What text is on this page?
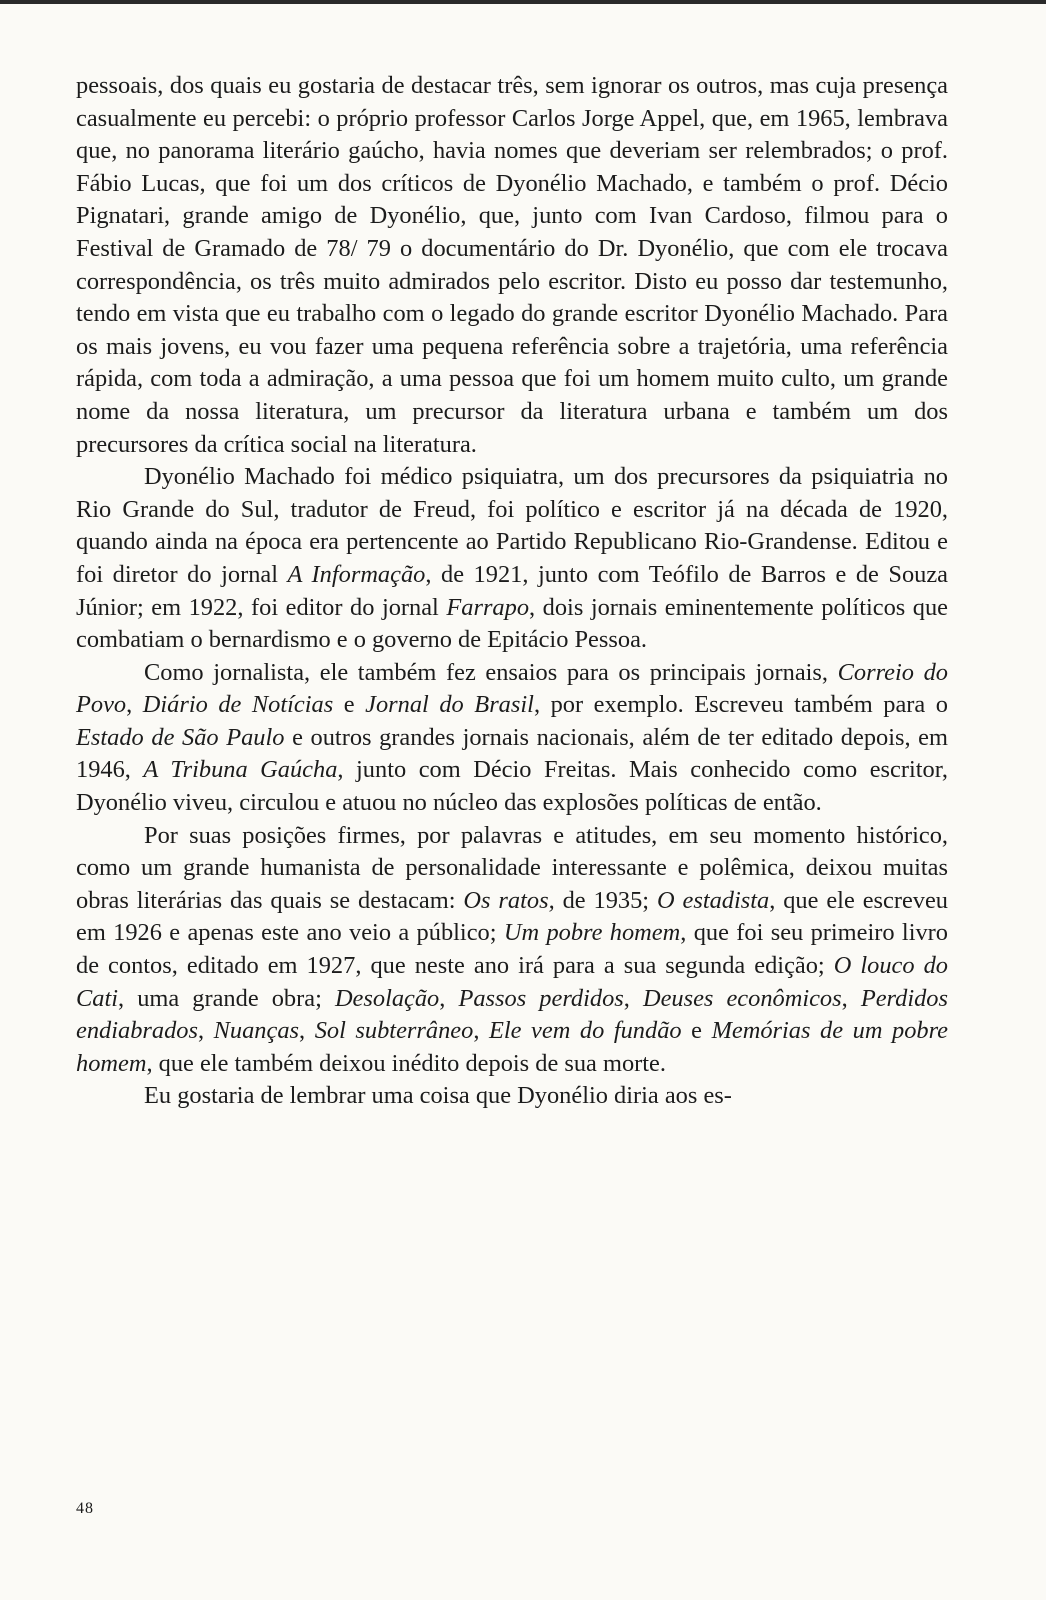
pessoais, dos quais eu gostaria de destacar três, sem ignorar os outros, mas cuja presença casualmente eu percebi: o próprio professor Carlos Jorge Appel, que, em 1965, lembrava que, no panorama literário gaúcho, havia nomes que deveriam ser relembrados; o prof. Fábio Lucas, que foi um dos críticos de Dyonélio Machado, e também o prof. Décio Pignatari, grande amigo de Dyonélio, que, junto com Ivan Cardoso, filmou para o Festival de Gramado de 78/ 79 o documentário do Dr. Dyonélio, que com ele trocava correspondência, os três muito admirados pelo escritor. Disto eu posso dar testemunho, tendo em vista que eu trabalho com o legado do grande escritor Dyonélio Machado. Para os mais jovens, eu vou fazer uma pequena referência sobre a trajetória, uma referência rápida, com toda a admiração, a uma pessoa que foi um homem muito culto, um grande nome da nossa literatura, um precursor da literatura urbana e também um dos precursores da crítica social na literatura.

Dyonélio Machado foi médico psiquiatra, um dos precursores da psiquiatria no Rio Grande do Sul, tradutor de Freud, foi político e escritor já na década de 1920, quando ainda na época era pertencente ao Partido Republicano Rio-Grandense. Editou e foi diretor do jornal A Informação, de 1921, junto com Teófilo de Barros e de Souza Júnior; em 1922, foi editor do jornal Farrapo, dois jornais eminentemente políticos que combatiam o bernardismo e o governo de Epitácio Pessoa.

Como jornalista, ele também fez ensaios para os principais jornais, Correio do Povo, Diário de Notícias e Jornal do Brasil, por exemplo. Escreveu também para o Estado de São Paulo e outros grandes jornais nacionais, além de ter editado depois, em 1946, A Tribuna Gaúcha, junto com Décio Freitas. Mais conhecido como escritor, Dyonélio viveu, circulou e atuou no núcleo das explosões políticas de então.

Por suas posições firmes, por palavras e atitudes, em seu momento histórico, como um grande humanista de personalidade interessante e polêmica, deixou muitas obras literárias das quais se destacam: Os ratos, de 1935; O estadista, que ele escreveu em 1926 e apenas este ano veio a público; Um pobre homem, que foi seu primeiro livro de contos, editado em 1927, que neste ano irá para a sua segunda edição; O louco do Cati, uma grande obra; Desolação, Passos perdidos, Deuses econômicos, Perdidos endiabrados, Nuanças, Sol subterrâneo, Ele vem do fundão e Memórias de um pobre homem, que ele também deixou inédito depois de sua morte.

Eu gostaria de lembrar uma coisa que Dyonélio diria aos es-

48
